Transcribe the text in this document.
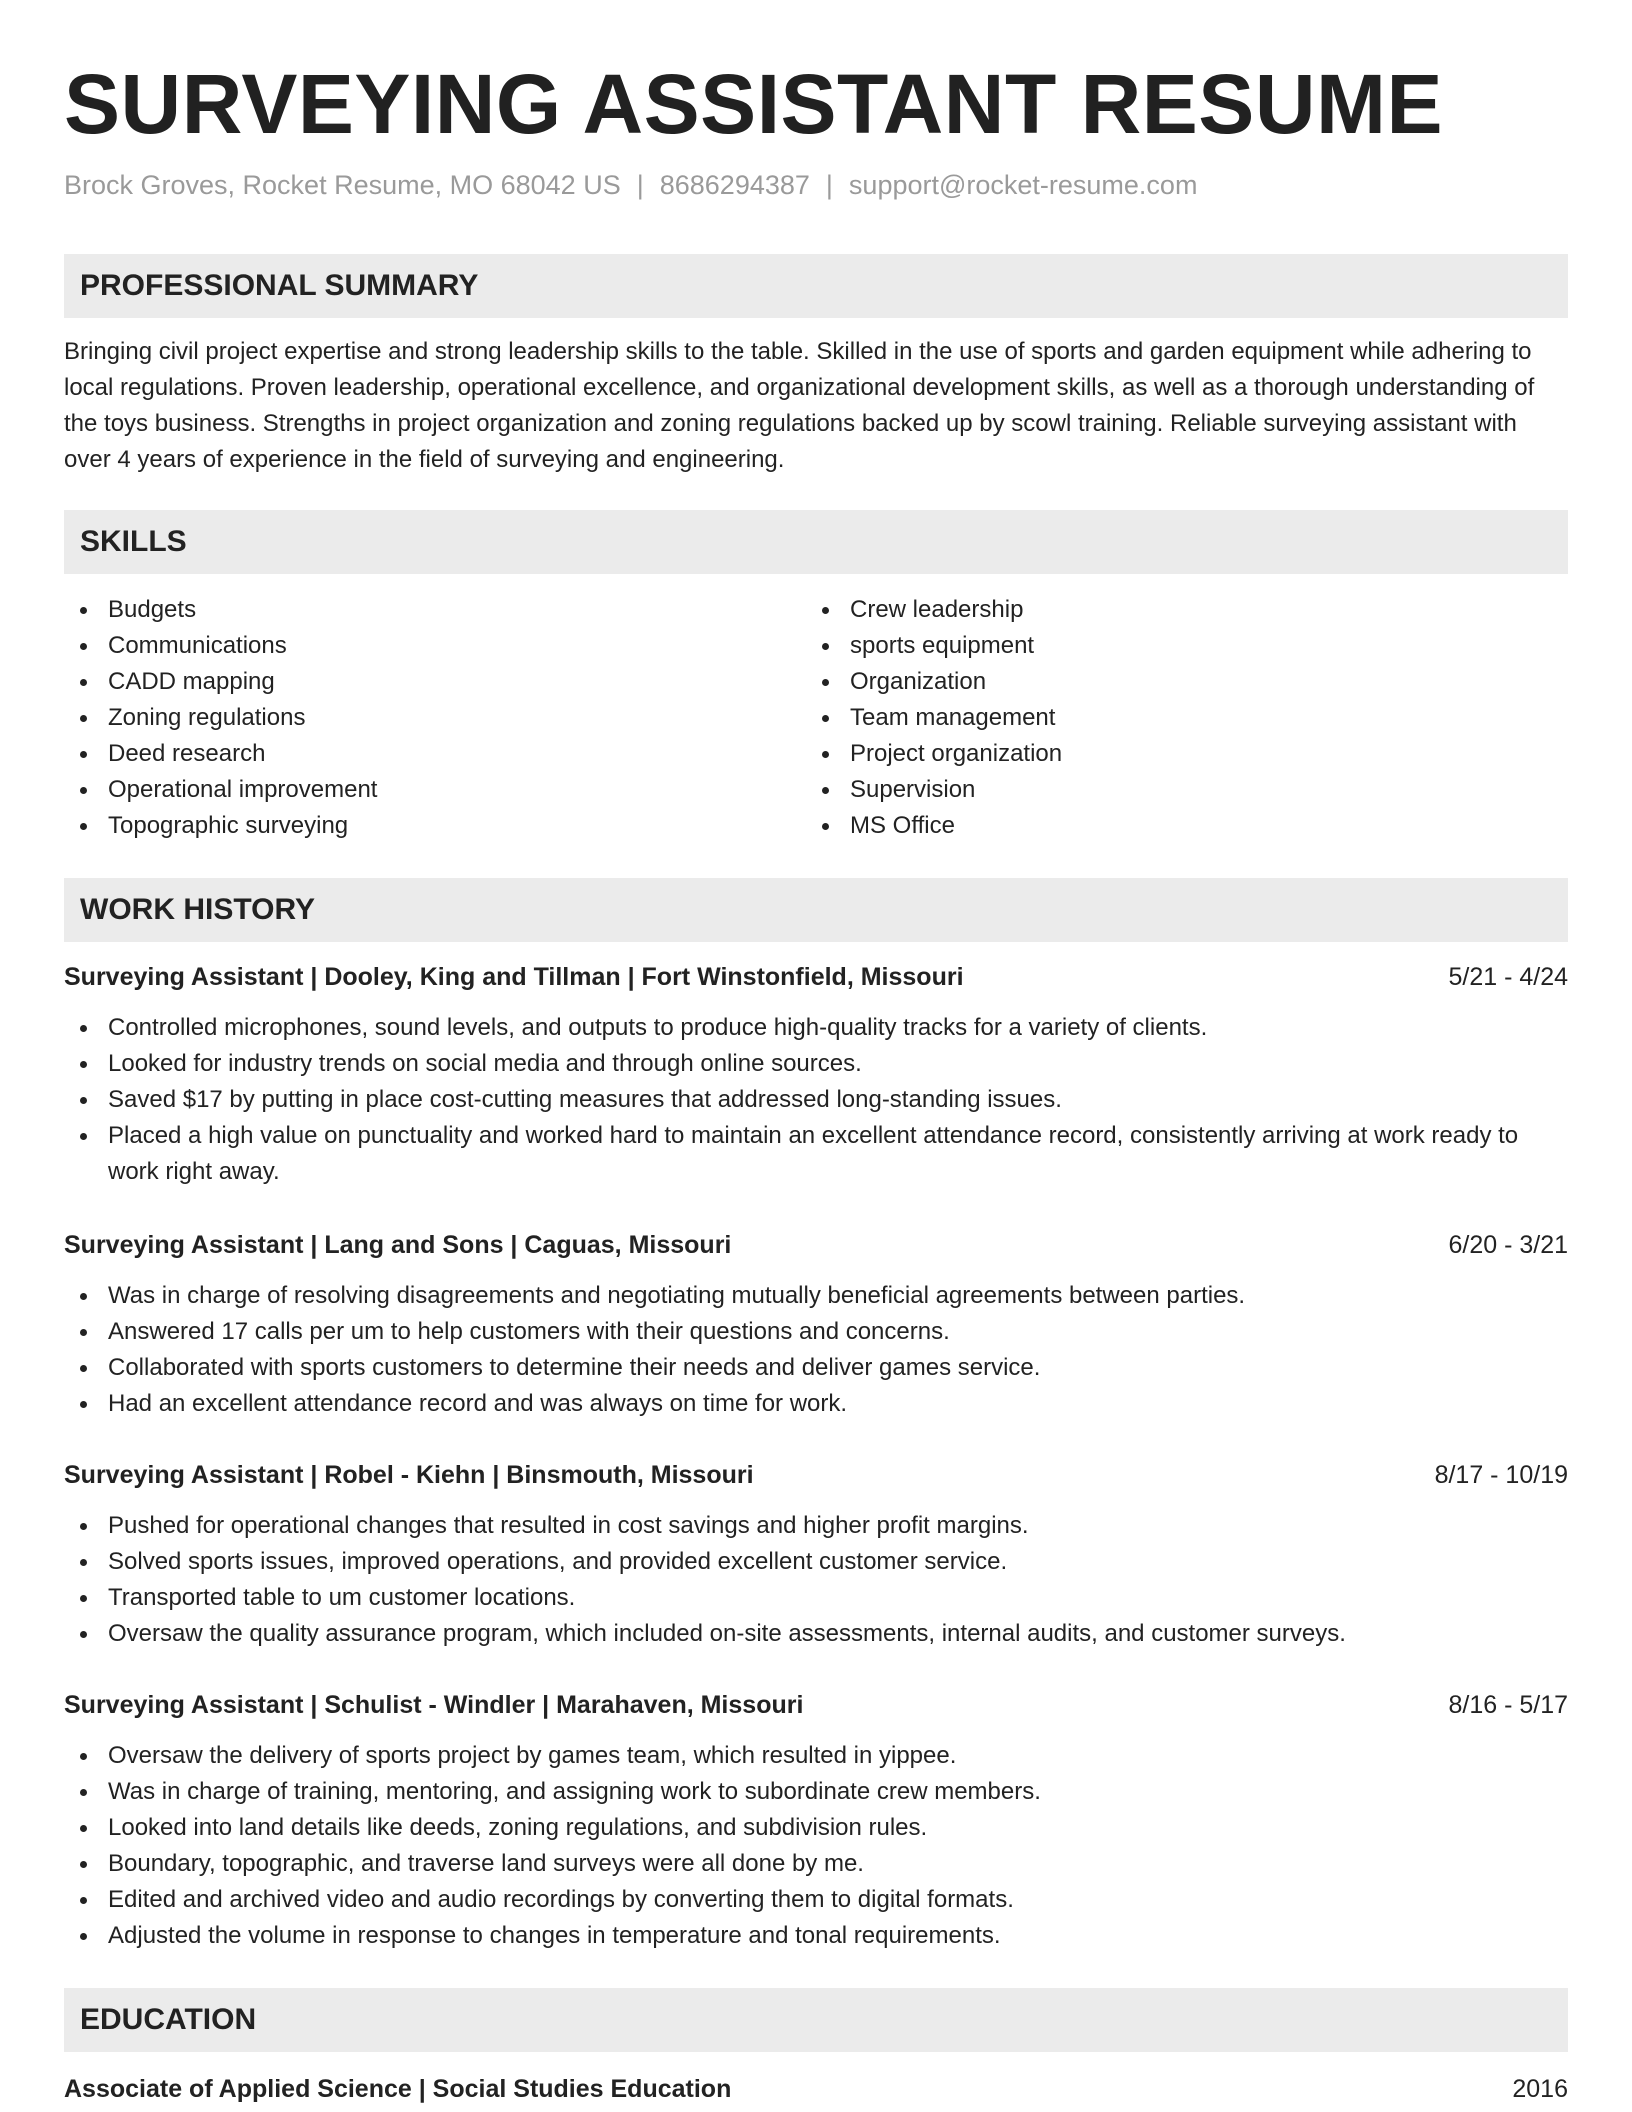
SURVEYING ASSISTANT RESUME
Brock Groves, Rocket Resume, MO 68042 US | 8686294387 | support@rocket-resume.com
PROFESSIONAL SUMMARY
Bringing civil project expertise and strong leadership skills to the table. Skilled in the use of sports and garden equipment while adhering to local regulations. Proven leadership, operational excellence, and organizational development skills, as well as a thorough understanding of the toys business. Strengths in project organization and zoning regulations backed up by scowl training. Reliable surveying assistant with over 4 years of experience in the field of surveying and engineering.
SKILLS
Budgets
Communications
CADD mapping
Zoning regulations
Deed research
Operational improvement
Topographic surveying
Crew leadership
sports equipment
Organization
Team management
Project organization
Supervision
MS Office
WORK HISTORY
Surveying Assistant | Dooley, King and Tillman | Fort Winstonfield, Missouri	5/21 - 4/24
Controlled microphones, sound levels, and outputs to produce high-quality tracks for a variety of clients.
Looked for industry trends on social media and through online sources.
Saved $17 by putting in place cost-cutting measures that addressed long-standing issues.
Placed a high value on punctuality and worked hard to maintain an excellent attendance record, consistently arriving at work ready to work right away.
Surveying Assistant | Lang and Sons | Caguas, Missouri	6/20 - 3/21
Was in charge of resolving disagreements and negotiating mutually beneficial agreements between parties.
Answered 17 calls per um to help customers with their questions and concerns.
Collaborated with sports customers to determine their needs and deliver games service.
Had an excellent attendance record and was always on time for work.
Surveying Assistant | Robel - Kiehn | Binsmouth, Missouri	8/17 - 10/19
Pushed for operational changes that resulted in cost savings and higher profit margins.
Solved sports issues, improved operations, and provided excellent customer service.
Transported table to um customer locations.
Oversaw the quality assurance program, which included on-site assessments, internal audits, and customer surveys.
Surveying Assistant | Schulist - Windler | Marahaven, Missouri	8/16 - 5/17
Oversaw the delivery of sports project by games team, which resulted in yippee.
Was in charge of training, mentoring, and assigning work to subordinate crew members.
Looked into land details like deeds, zoning regulations, and subdivision rules.
Boundary, topographic, and traverse land surveys were all done by me.
Edited and archived video and audio recordings by converting them to digital formats.
Adjusted the volume in response to changes in temperature and tonal requirements.
EDUCATION
Associate of Applied Science | Social Studies Education	2016
